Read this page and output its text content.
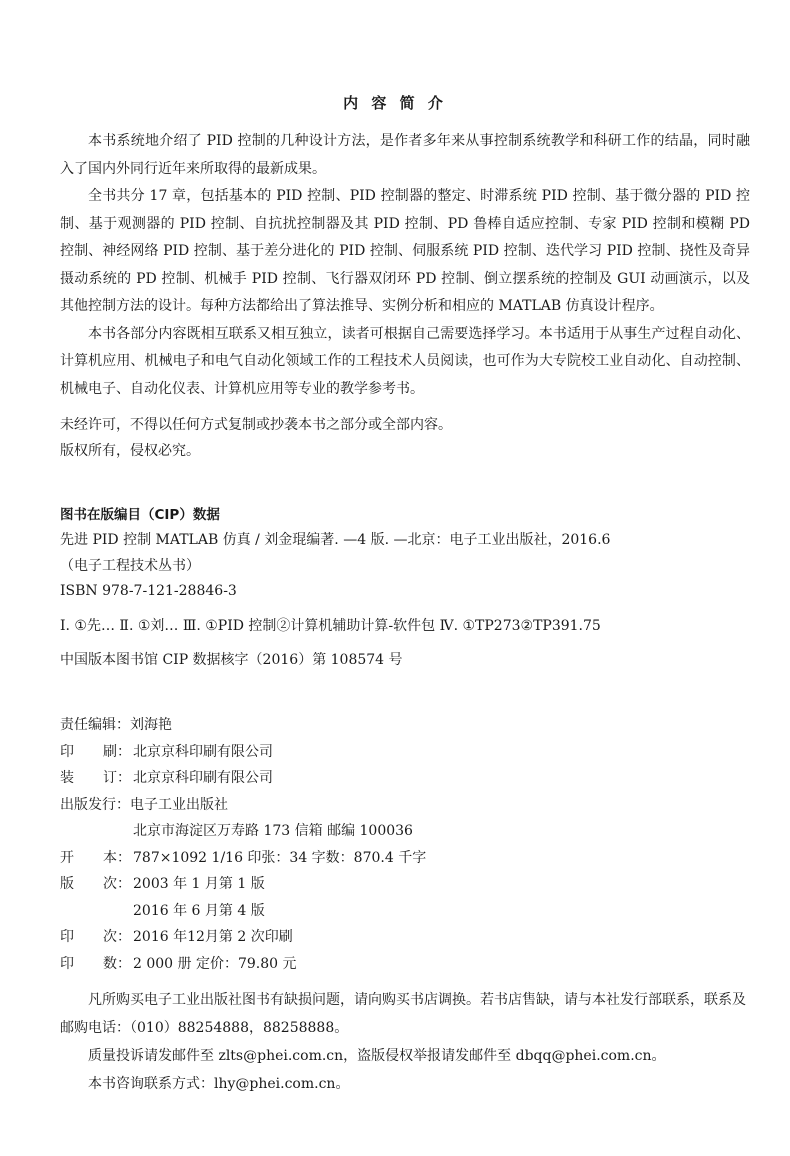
内 容 简 介

本书系统地介绍了 PID 控制的几种设计方法，是作者多年来从事控制系统教学和科研工作的结晶，同时融入了国内外同行近年来所取得的最新成果。

全书共分 17 章，包括基本的 PID 控制、PID 控制器的整定、时滞系统 PID 控制、基于微分器的 PID 控制、基于观测器的 PID 控制、自抗扰控制器及其 PID 控制、PD 鲁棒自适应控制、专家 PID 控制和模糊 PD 控制、神经网络 PID 控制、基于差分进化的 PID 控制、伺服系统 PID 控制、迭代学习 PID 控制、挠性及奇异摄动系统的 PD 控制、机械手 PID 控制、飞行器双闭环 PD 控制、倒立摆系统的控制及 GUI 动画演示，以及其他控制方法的设计。每种方法都给出了算法推导、实例分析和相应的 MATLAB 仿真设计程序。

本书各部分内容既相互联系又相互独立，读者可根据自己需要选择学习。本书适用于从事生产过程自动化、计算机应用、机械电子和电气自动化领域工作的工程技术人员阅读，也可作为大专院校工业自动化、自动控制、机械电子、自动化仪表、计算机应用等专业的教学参考书。

未经许可，不得以任何方式复制或抄袭本书之部分或全部内容。
版权所有，侵权必究。
图书在版编目（CIP）数据
先进 PID 控制 MATLAB 仿真 / 刘金琨编著. —4 版. —北京：电子工业出版社，2016.6
（电子工程技术丛书）
ISBN 978-7-121-28846-3
Ⅰ. ①先… Ⅱ. ①刘… Ⅲ. ①PID 控制②计算机辅助计算-软件包 Ⅳ. ①TP273②TP391.75
中国版本图书馆 CIP 数据核字（2016）第 108574 号
责任编辑： 刘海艳
印 刷： 北京京科印刷有限公司
装 订： 北京京科印刷有限公司
出版发行： 电子工业出版社
北京市海淀区万寿路 173 信箱 邮编 100036
开 本： 787×1092 1/16 印张：34 字数：870.4 千字
版 次： 2003 年 1 月第 1 版
2016 年 6 月第 4 版
印 次： 2016 年12月第 2 次印刷
印 数： 2 000 册 定价：79.80 元

凡所购买电子工业出版社图书有缺损问题，请向购买书店调换。若书店售缺，请与本社发行部联系，联系及邮购电话：（010）88254888，88258888。

质量投诉请发邮件至 zlts@phei.com.cn，盗版侵权举报请发邮件至 dbqq@phei.com.cn。

本书咨询联系方式：lhy@phei.com.cn。
